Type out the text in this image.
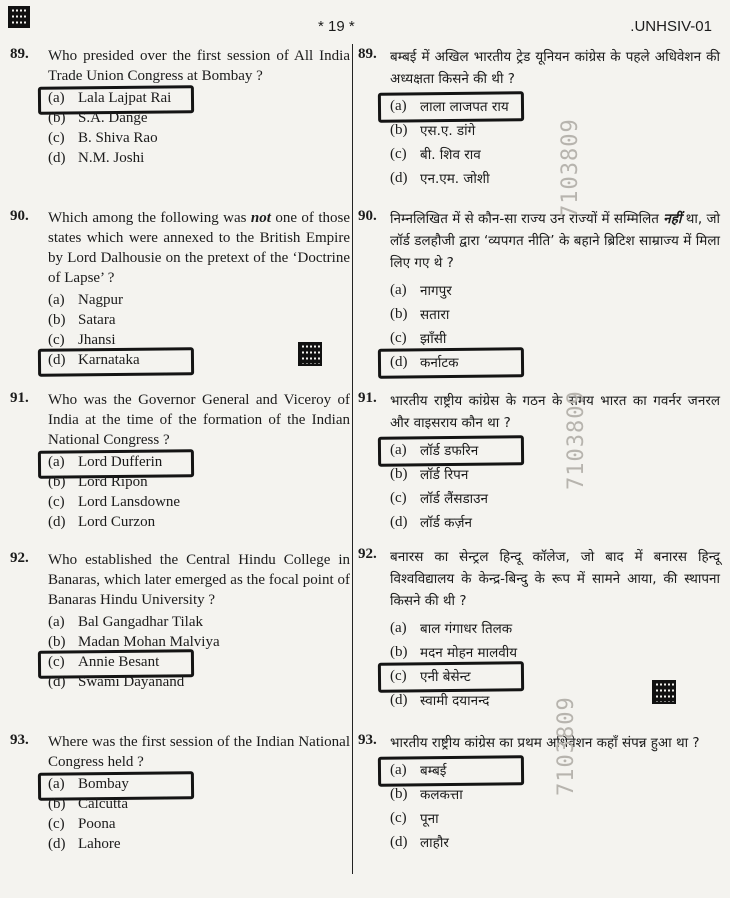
* 19 *	.UNHSIV-01
89. Who presided over the first session of All India Trade Union Congress at Bombay ?
(a) Lala Lajpat Rai
(b) S.A. Dange
(c) B. Shiva Rao
(d) N.M. Joshi
90. Which among the following was not one of those states which were annexed to the British Empire by Lord Dalhousie on the pretext of the ‘Doctrine of Lapse’ ?
(a) Nagpur
(b) Satara
(c) Jhansi
(d) Karnataka
91. Who was the Governor General and Viceroy of India at the time of the formation of the Indian National Congress ?
(a) Lord Dufferin
(b) Lord Ripon
(c) Lord Lansdowne
(d) Lord Curzon
92. Who established the Central Hindu College in Banaras, which later emerged as the focal point of Banaras Hindu University ?
(a) Bal Gangadhar Tilak
(b) Madan Mohan Malviya
(c) Annie Besant
(d) Swami Dayanand
93. Where was the first session of the Indian National Congress held ?
(a) Bombay
(b) Calcutta
(c) Poona
(d) Lahore
89. बम्बई में अखिल भारतीय ट्रेड यूनियन कांग्रेस के पहले अधिवेशन की अध्यक्षता किसने की थी ?
(a) लाला लाजपत राय
(b) एस.ए. डांगे
(c) बी. शिव राव
(d) एन.एम. जोशी
90. निम्नलिखित में से कौन-सा राज्य उन राज्यों में सम्मिलित नहीं था, जो लॉर्ड डलहौजी द्वारा ‘व्यपगत नीति’ के बहाने ब्रिटिश साम्राज्य में मिला लिए गए थे ?
(a) नागपुर
(b) सतारा
(c) झाँसी
(d) कर्नाटक
91. भारतीय राष्ट्रीय कांग्रेस के गठन के समय भारत का गवर्नर जनरल और वाइसराय कौन था ?
(a) लॉर्ड डफरिन
(b) लॉर्ड रिपन
(c) लॉर्ड लैंसडाउन
(d) लॉर्ड कर्ज़न
92. बनारस का सेन्ट्रल हिन्दू कॉलेज, जो बाद में बनारस हिन्दू विश्वविद्यालय के केन्द्र-बिन्दु के रूप में सामने आया, की स्थापना किसने की थी ?
(a) बाल गंगाधर तिलक
(b) मदन मोहन मालवीय
(c) एनी बेसेन्ट
(d) स्वामी दयानन्द
93. भारतीय राष्ट्रीय कांग्रेस का प्रथम अधिवेशन कहाँ संपन्न हुआ था ?
(a) बम्बई
(b) कलकत्ता
(c) पूना
(d) लाहौर
7103809
7103809
7103809
